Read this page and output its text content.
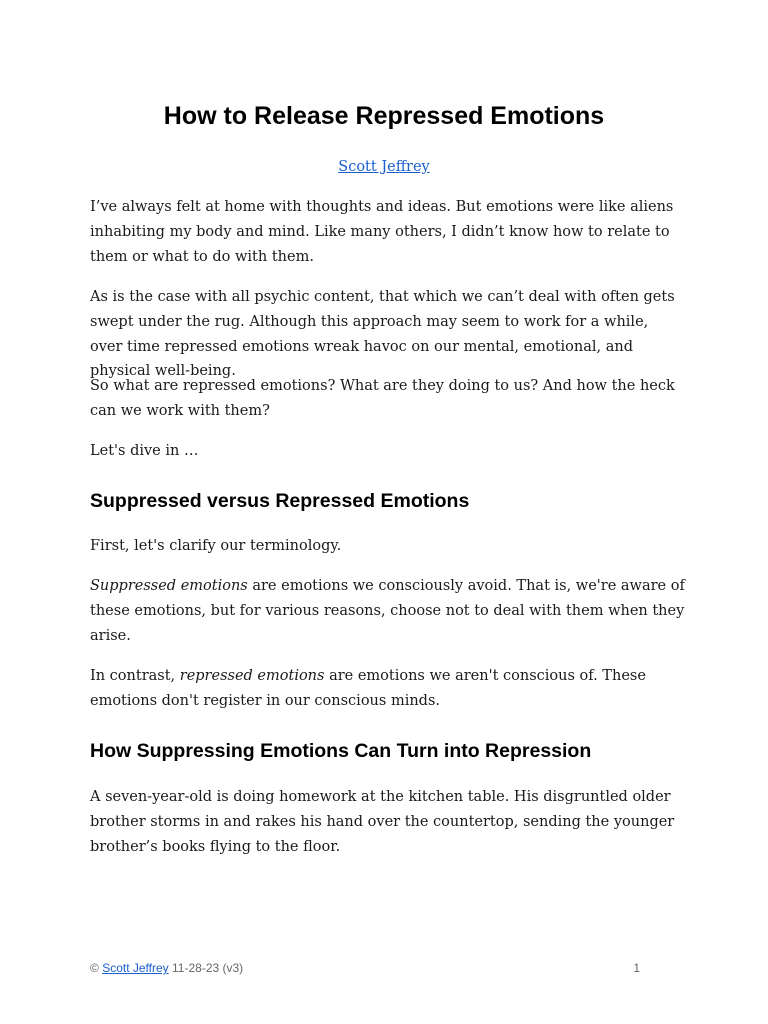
How to Release Repressed Emotions
Scott Jeffrey

I’ve always felt at home with thoughts and ideas. But emotions were like aliens inhabiting my body and mind. Like many others, I didn’t know how to relate to them or what to do with them.

As is the case with all psychic content, that which we can’t deal with often gets swept under the rug. Although this approach may seem to work for a while, over time repressed emotions wreak havoc on our mental, emotional, and physical well-being.

So what are repressed emotions? What are they doing to us? And how the heck can we work with them?

Let's dive in …

Suppressed versus Repressed Emotions

First, let's clarify our terminology.

Suppressed emotions are emotions we consciously avoid. That is, we're aware of these emotions, but for various reasons, choose not to deal with them when they arise.

In contrast, repressed emotions are emotions we aren't conscious of. These emotions don't register in our conscious minds.

How Suppressing Emotions Can Turn into Repression

A seven-year-old is doing homework at the kitchen table. His disgruntled older brother storms in and rakes his hand over the countertop, sending the younger brother’s books flying to the floor.

© Scott Jeffrey 11-28-23 (v3)	1
